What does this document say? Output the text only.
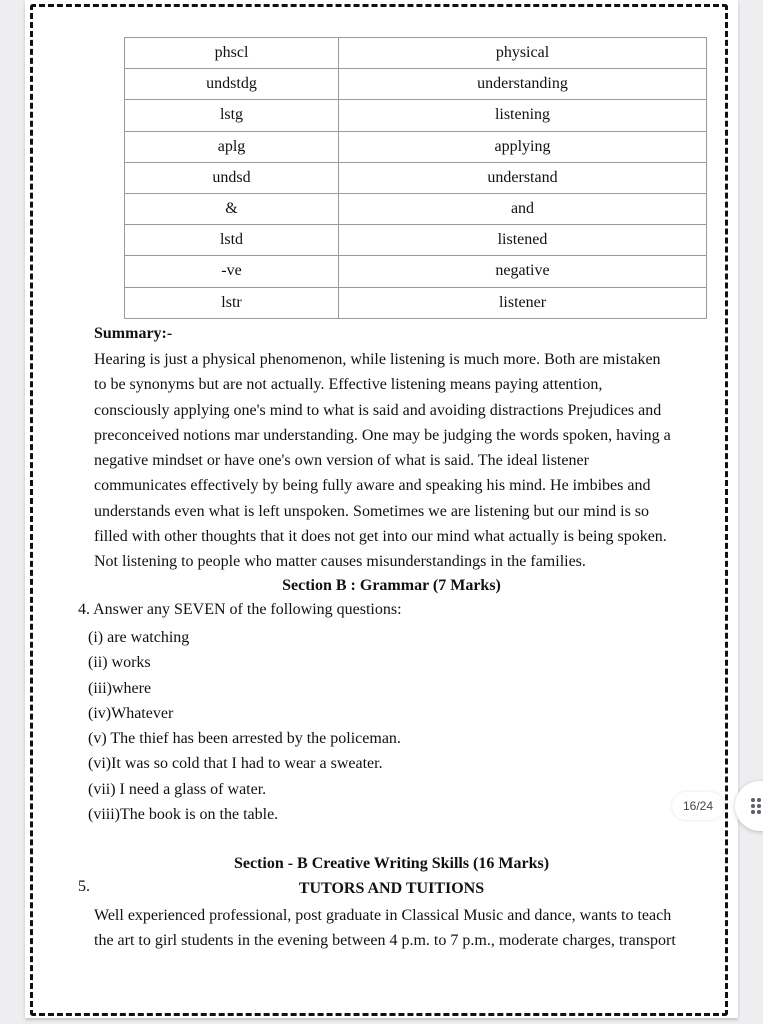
phscl	physical
undstdg	understanding
lstg	listening
aplg	applying
undsd	understand
&	and
lstd	listened
-ve	negative
lstr	listener
Summary:-
Hearing is just a physical phenomenon, while listening is much more. Both are mistaken
to be synonyms but are not actually. Effective listening means paying attention,
consciously applying one's mind to what is said and avoiding distractions Prejudices and
preconceived notions mar understanding. One may be judging the words spoken, having a
negative mindset or have one's own version of what is said. The ideal listener
communicates effectively by being fully aware and speaking his mind. He imbibes and
understands even what is left unspoken. Sometimes we are listening but our mind is so
filled with other thoughts that it does not get into our mind what actually is being spoken.
Not listening to people who matter causes misunderstandings in the families.
Section B : Grammar (7 Marks)
4. Answer any SEVEN of the following questions:
(i) are watching
(ii) works
(iii)where
(iv)Whatever
(v) The thief has been arrested by the policeman.
(vi)It was so cold that I had to wear a sweater.
(vii) I need a glass of water.
(viii)The book is on the table.
Section - B Creative Writing Skills (16 Marks)
5.	TUTORS AND TUITIONS
Well experienced professional, post graduate in Classical Music and dance, wants to teach
the art to girl students in the evening between 4 p.m. to 7 p.m., moderate charges, transport
16/24
